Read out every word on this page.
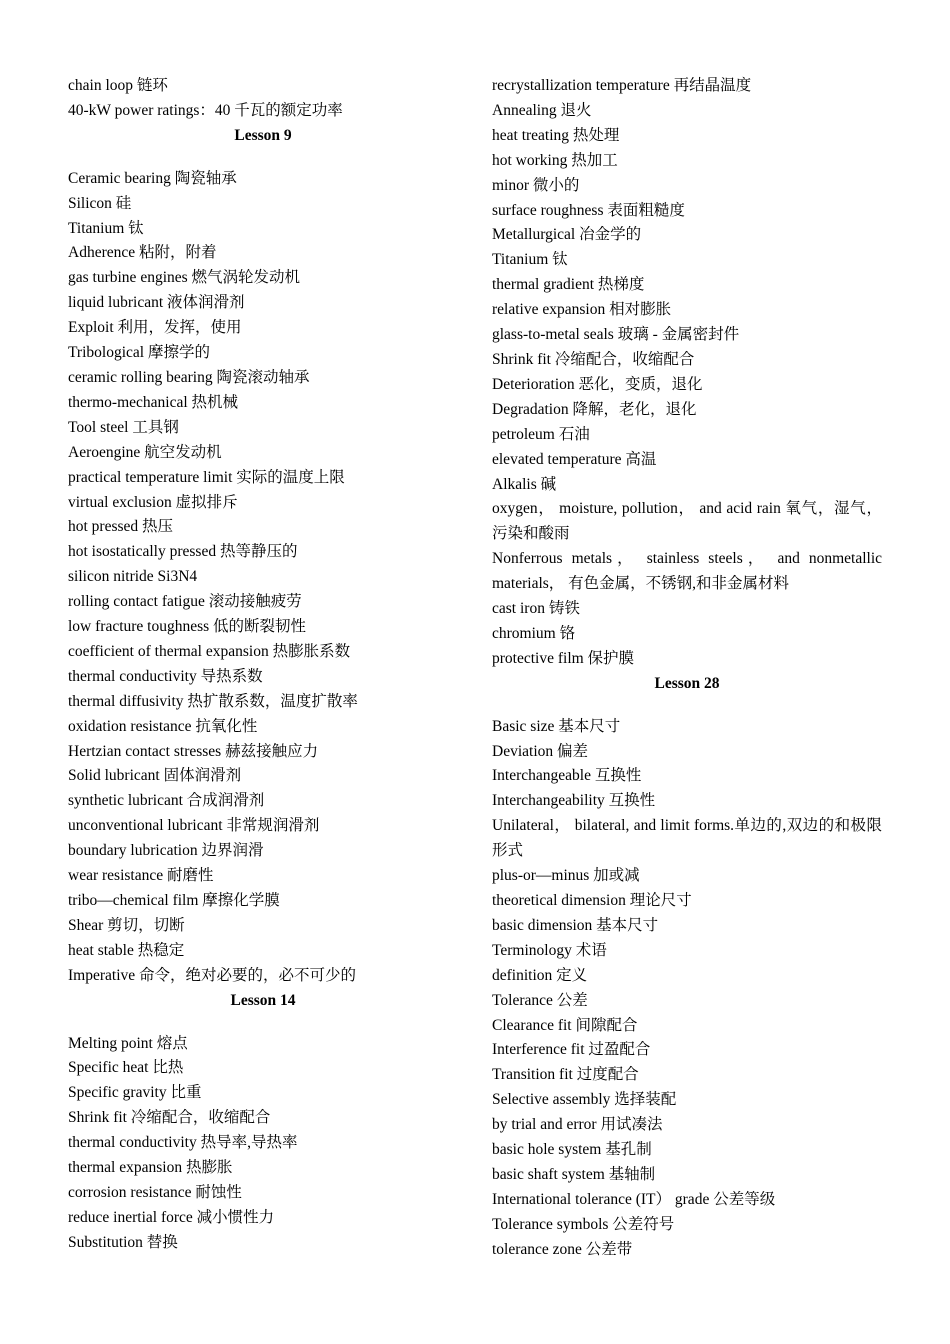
chain loop 链环
40-kW power ratings：40 千瓦的额定功率
Lesson 9
Ceramic bearing 陶瓷轴承
Silicon 硅
Titanium 钛
Adherence 粘附，附着
gas turbine engines 燃气涡轮发动机
liquid lubricant 液体润滑剂
Exploit 利用，发挥，使用
Tribological 摩擦学的
ceramic rolling bearing 陶瓷滚动轴承
thermo-mechanical 热机械
Tool steel 工具钢
Aeroengine 航空发动机
practical temperature limit 实际的温度上限
virtual exclusion 虚拟排斥
hot pressed 热压
hot isostatically pressed 热等静压的
silicon nitride Si3N4
rolling contact fatigue 滚动接触疲劳
low fracture toughness 低的断裂韧性
coefficient of thermal expansion 热膨胀系数
thermal conductivity 导热系数
thermal diffusivity 热扩散系数，温度扩散率
oxidation resistance 抗氧化性
Hertzian contact stresses 赫兹接触应力
Solid lubricant 固体润滑剂
synthetic lubricant 合成润滑剂
unconventional lubricant 非常规润滑剂
boundary lubrication 边界润滑
wear resistance 耐磨性
tribo—chemical film 摩擦化学膜
Shear 剪切，切断
heat stable 热稳定
Imperative 命令，绝对必要的，必不可少的
Lesson 14
Melting point 熔点
Specific heat 比热
Specific gravity 比重
Shrink fit 冷缩配合，收缩配合
thermal conductivity 热导率,导热率
thermal expansion 热膨胀
corrosion resistance 耐蚀性
reduce inertial force 减小惯性力
Substitution 替换
recrystallization temperature 再结晶温度
Annealing 退火
heat treating 热处理
hot working 热加工
minor 微小的
surface roughness 表面粗糙度
Metallurgical 冶金学的
Titanium 钛
thermal gradient 热梯度
relative expansion 相对膨胀
glass-to-metal seals 玻璃 - 金属密封件
Shrink fit 冷缩配合，收缩配合
Deterioration 恶化，变质，退化
Degradation 降解，老化，退化
petroleum 石油
elevated temperature 高温
Alkalis 碱
oxygen， moisture, pollution， and acid rain 氧气，湿气，污染和酸雨
Nonferrous metals， stainless steels， and nonmetallic materials， 有色金属，不锈钢,和非金属材料
cast iron 铸铁
chromium 铬
protective film 保护膜
Lesson 28
Basic size 基本尺寸
Deviation 偏差
Interchangeable 互换性
Interchangeability 互换性
Unilateral， bilateral, and limit forms.单边的,双边的和极限形式
plus-or—minus 加或减
theoretical dimension 理论尺寸
basic dimension 基本尺寸
Terminology 术语
definition 定义
Tolerance 公差
Clearance fit 间隙配合
Interference fit 过盈配合
Transition fit 过度配合
Selective assembly 选择装配
by trial and error 用试凑法
basic hole system 基孔制
basic shaft system 基轴制
International tolerance (IT） grade 公差等级
Tolerance symbols 公差符号
tolerance zone 公差带
